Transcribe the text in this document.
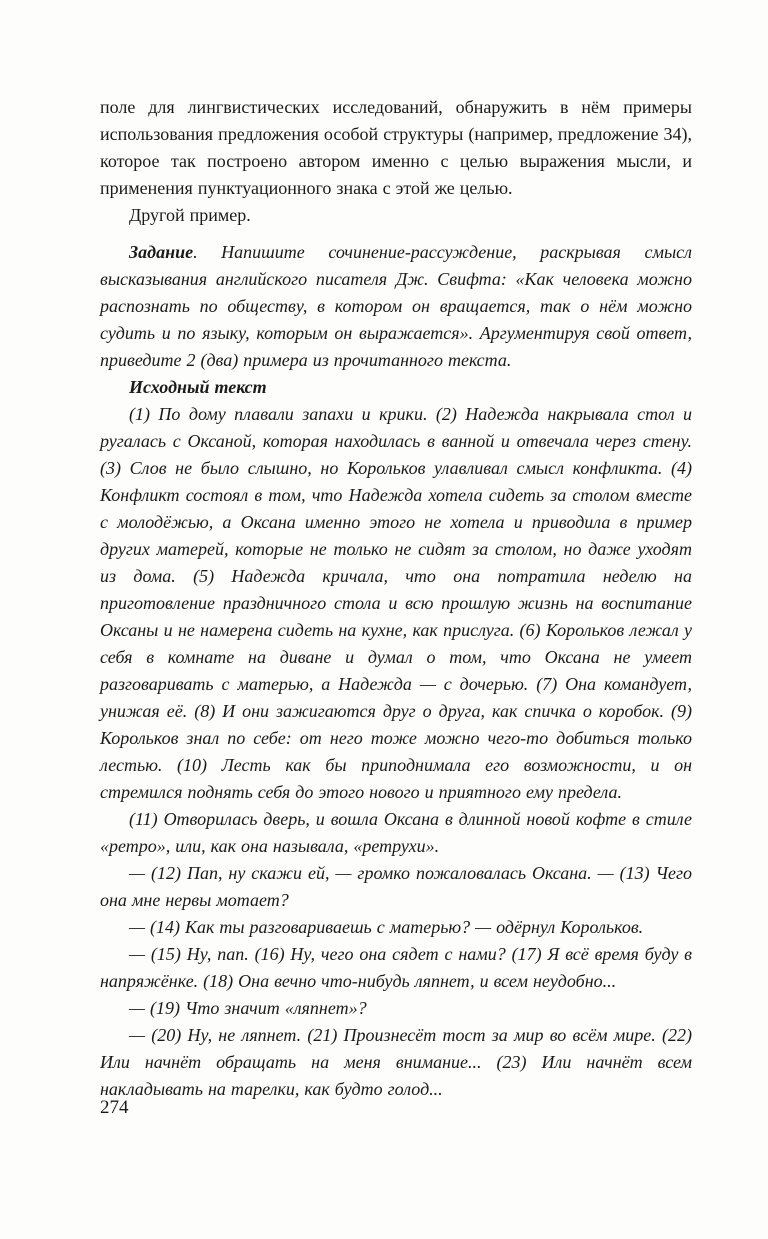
поле для лингвистических исследований, обнаружить в нём примеры использования предложения особой структуры (например, предложение 34), которое так построено автором именно с целью выражения мысли, и применения пунктуационного знака с этой же целью.

Другой пример.

Задание. Напишите сочинение-рассуждение, раскрывая смысл высказывания английского писателя Дж. Свифта: «Как человека можно распознать по обществу, в котором он вращается, так о нём можно судить и по языку, которым он выражается». Аргументируя свой ответ, приведите 2 (два) примера из прочитанного текста.

Исходный текст

(1) По дому плавали запахи и крики. (2) Надежда накрывала стол и ругалась с Оксаной, которая находилась в ванной и отвечала через стену. (3) Слов не было слышно, но Корольков улавливал смысл конфликта. (4) Конфликт состоял в том, что Надежда хотела сидеть за столом вместе с молодёжью, а Оксана именно этого не хотела и приводила в пример других матерей, которые не только не сидят за столом, но даже уходят из дома. (5) Надежда кричала, что она потратила неделю на приготовление праздничного стола и всю прошлую жизнь на воспитание Оксаны и не намерена сидеть на кухне, как прислуга. (6) Корольков лежал у себя в комнате на диване и думал о том, что Оксана не умеет разговаривать с матерью, а Надежда — с дочерью. (7) Она командует, унижая её. (8) И они зажигаются друг о друга, как спичка о коробок. (9) Корольков знал по себе: от него тоже можно чего-то добиться только лестью. (10) Лесть как бы приподнимала его возможности, и он стремился поднять себя до этого нового и приятного ему предела.

(11) Отворилась дверь, и вошла Оксана в длинной новой кофте в стиле «ретро», или, как она называла, «ретрухи».

— (12) Пап, ну скажи ей, — громко пожаловалась Оксана. — (13) Чего она мне нервы мотает?

— (14) Как ты разговариваешь с матерью? — одёрнул Корольков.

— (15) Ну, пап. (16) Ну, чего она сядет с нами? (17) Я всё время буду в напряжёнке. (18) Она вечно что-нибудь ляпнет, и всем неудобно...

— (19) Что значит «ляпнет»?

— (20) Ну, не ляпнет. (21) Произнесёт тост за мир во всём мире. (22) Или начнёт обращать на меня внимание... (23) Или начнёт всем накладывать на тарелки, как будто голод...

274
